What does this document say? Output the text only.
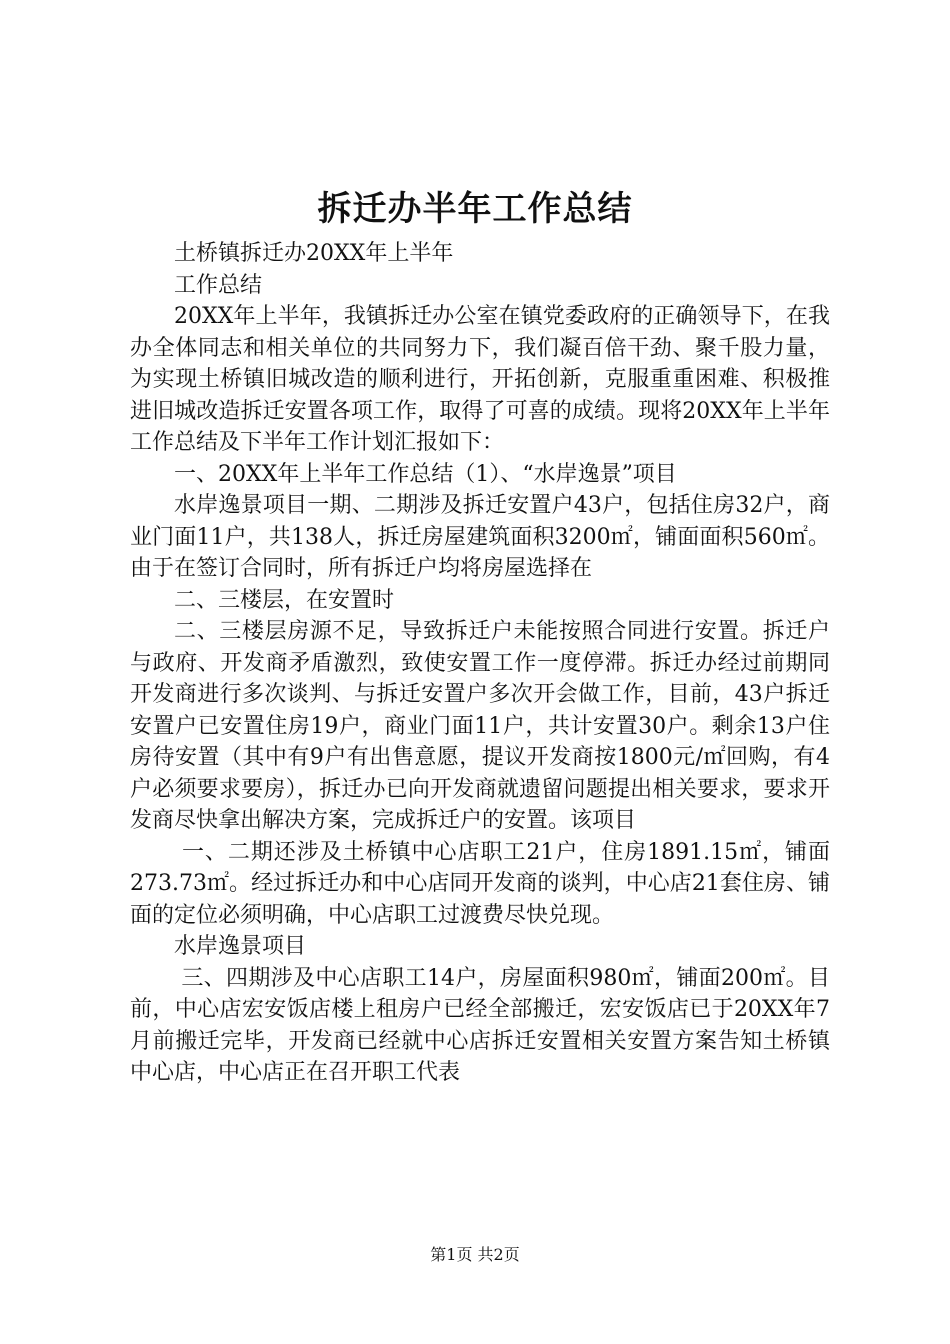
拆迁办半年工作总结

土桥镇拆迁办20XX年上半年

工作总结

20XX年上半年，我镇拆迁办公室在镇党委政府的正确领导下，在我办全体同志和相关单位的共同努力下，我们凝百倍干劲、聚千股力量，为实现土桥镇旧城改造的顺利进行，开拓创新，克服重重困难、积极推进旧城改造拆迁安置各项工作，取得了可喜的成绩。现将20XX年上半年工作总结及下半年工作计划汇报如下：

一、20XX年上半年工作总结（1）、“水岸逸景”项目

水岸逸景项目一期、二期涉及拆迁安置户43户，包括住房32户，商业门面11户，共138人，拆迁房屋建筑面积3200㎡，铺面面积560㎡。由于在签订合同时，所有拆迁户均将房屋选择在

二、三楼层，在安置时

二、三楼层房源不足，导致拆迁户未能按照合同进行安置。拆迁户与政府、开发商矛盾激烈，致使安置工作一度停滞。拆迁办经过前期同开发商进行多次谈判、与拆迁安置户多次开会做工作，目前，43户拆迁安置户已安置住房19户，商业门面11户，共计安置30户。剩余13户住房待安置（其中有9户有出售意愿，提议开发商按1800元/㎡回购，有4户必须要求要房），拆迁办已向开发商就遗留问题提出相关要求，要求开发商尽快拿出解决方案，完成拆迁户的安置。该项目

一、二期还涉及土桥镇中心店职工21户，住房1891.15㎡，铺面273.73㎡。经过拆迁办和中心店同开发商的谈判，中心店21套住房、铺面的定位必须明确，中心店职工过渡费尽快兑现。

水岸逸景项目

三、四期涉及中心店职工14户，房屋面积980㎡，铺面200㎡。目前，中心店宏安饭店楼上租房户已经全部搬迁，宏安饭店已于20XX年7月前搬迁完毕，开发商已经就中心店拆迁安置相关安置方案告知土桥镇中心店，中心店正在召开职工代表

第1页 共2页
